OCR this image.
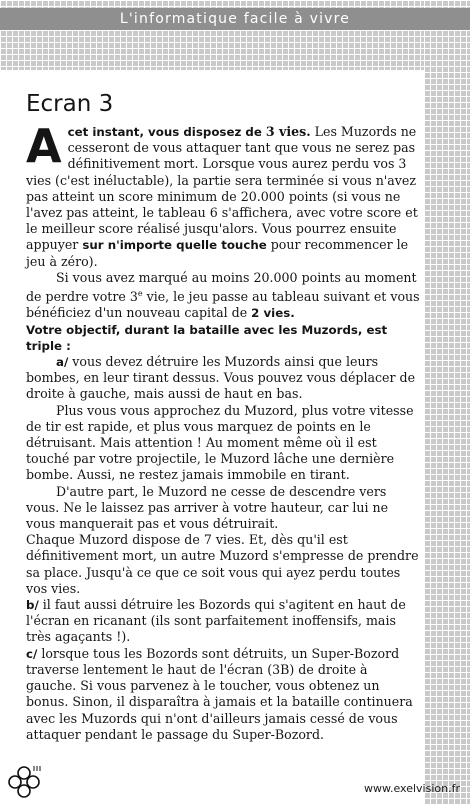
L'informatique facile à vivre
Ecran 3

Acet instant, vous disposez de 3 vies. Les Muzords ne cesseront de vous attaquer tant que vous ne serez pas définitivement mort. Lorsque vous aurez perdu vos 3 vies (c'est inéluctable), la partie sera terminée si vous n'avez pas atteint un score minimum de 20.000 points (si vous ne l'avez pas atteint, le tableau 6 s'affichera, avec votre score et le meilleur score réalisé jusqu'alors. Vous pourrez ensuite appuyer sur n'importe quelle touche pour recommencer le jeu à zéro).

Si vous avez marqué au moins 20.000 points au moment de perdre votre 3e vie, le jeu passe au tableau suivant et vous bénéficiez d'un nouveau capital de 2 vies.

Votre objectif, durant la bataille avec les Muzords, est triple :

a/ vous devez détruire les Muzords ainsi que leurs bombes, en leur tirant dessus. Vous pouvez vous déplacer de droite à gauche, mais aussi de haut en bas.

Plus vous vous approchez du Muzord, plus votre vitesse de tir est rapide, et plus vous marquez de points en le détruisant. Mais attention ! Au moment même où il est touché par votre projectile, le Muzord lâche une dernière bombe. Aussi, ne restez jamais immobile en tirant.

D'autre part, le Muzord ne cesse de descendre vers vous. Ne le laissez pas arriver à votre hauteur, car lui ne vous manquerait pas et vous détruirait.

Chaque Muzord dispose de 7 vies. Et, dès qu'il est définitivement mort, un autre Muzord s'empresse de prendre sa place. Jusqu'à ce que ce soit vous qui ayez perdu toutes vos vies.

b/ il faut aussi détruire les Bozords qui s'agitent en haut de l'écran en ricanant (ils sont parfaitement inoffensifs, mais très agaçants !).

c/ lorsque tous les Bozords sont détruits, un Super-Bozord traverse lentement le haut de l'écran (3B) de droite à gauche. Si vous parvenez à le toucher, vous obtenez un bonus. Sinon, il disparaîtra à jamais et la bataille continuera avec les Muzords qui n'ont d'ailleurs jamais cessé de vous attaquer pendant le passage du Super-Bozord.

www.exelvision.fr
